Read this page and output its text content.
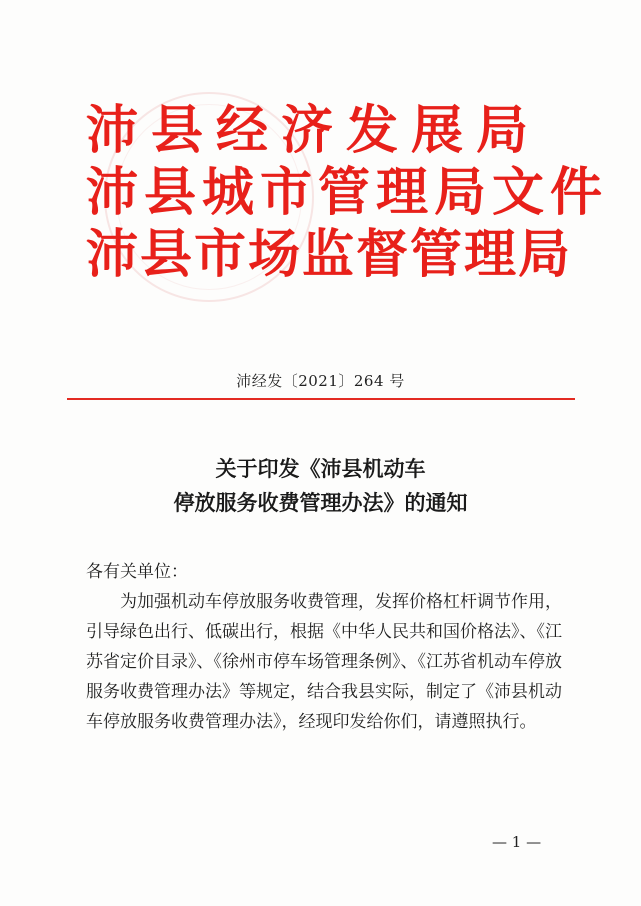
沛县经济发展局
沛县城市管理局文件
沛县市场监督管理局
沛经发〔2021〕264 号
关于印发《沛县机动车
停放服务收费管理办法》的通知

各有关单位：

为加强机动车停放服务收费管理，发挥价格杠杆调节作用，引导绿色出行、低碳出行，根据《中华人民共和国价格法》、《江苏省定价目录》、《徐州市停车场管理条例》、《江苏省机动车停放服务收费管理办法》等规定，结合我县实际，制定了《沛县机动车停放服务收费管理办法》，经现印发给你们，请遵照执行。

— 1 —
